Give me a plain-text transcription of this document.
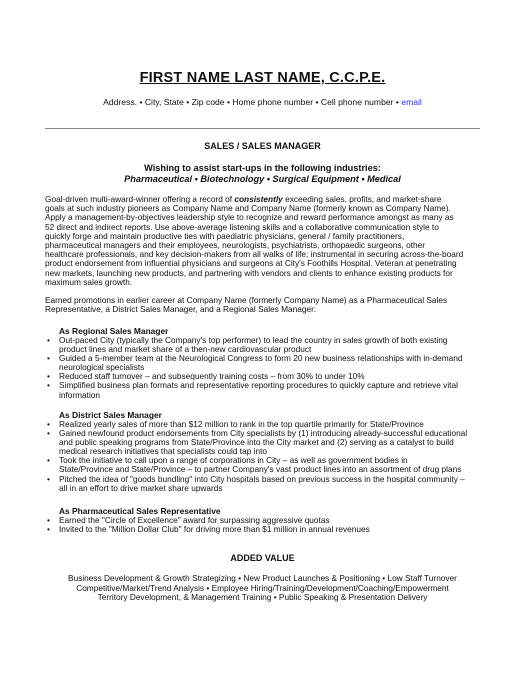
FIRST NAME LAST NAME, C.C.P.E.
Address. • City, State • Zip code • Home phone number • Cell phone number • email
SALES / SALES MANAGER
Wishing to assist start-ups in the following industries:
Pharmaceutical • Biotechnology • Surgical Equipment • Medical
Goal-driven multi-award-winner offering a record of consistently exceeding sales, profits, and market-share
goals at such industry pioneers as Company Name and Company Name (formerly known as Company Name).
Apply a management-by-objectives leadership style to recognize and reward performance amongst as many as
52 direct and indirect reports. Use above-average listening skills and a collaborative communication style to
quickly forge and maintain productive ties with paediatric physicians, general / family practitioners,
pharmaceutical managers and their employees, neurologists, psychiatrists, orthopaedic surgeons, other
healthcare professionals, and key decision-makers from all walks of life; instrumental in securing across-the-board
product endorsement from influential physicians and surgeons at City's Foothills Hospital. Veteran at penetrating
new markets, launching new products, and partnering with vendors and clients to enhance existing products for
maximum sales growth.
Earned promotions in earlier career at Company Name (formerly Company Name) as a Pharmaceutical Sales
Representative, a District Sales Manager, and a Regional Sales Manager:
As Regional Sales Manager
• Out-paced City (typically the Company's top performer) to lead the country in sales growth of both existing
product lines and market share of a then-new cardiovascular product
• Guided a 5-member team at the Neurological Congress to form 20 new business relationships with in-demand
neurological specialists
• Reduced staff turnover – and subsequently training costs – from 30% to under 10%
• Simplified business plan formats and representative reporting procedures to quickly capture and retrieve vital
information
As District Sales Manager
• Realized yearly sales of more than $12 million to rank in the top quartile primarily for State/Province
• Gained newfound product endorsements from City specialists by (1) introducing already-successful educational
and public speaking programs from State/Province into the City market and (2) serving as a catalyst to build
medical research initiatives that specialists could tap into
• Took the initiative to call upon a range of corporations in City – as well as government bodies in
State/Province and State/Province – to partner Company's vast product lines into an assortment of drug plans
• Pitched the idea of "goods bundling" into City hospitals based on previous success in the hospital community –
all in an effort to drive market share upwards
As Pharmaceutical Sales Representative
• Earned the "Circle of Excellence" award for surpassing aggressive quotas
• Invited to the "Million Dollar Club" for driving more than $1 million in annual revenues
ADDED VALUE
Business Development & Growth Strategizing • New Product Launches & Positioning • Low Staff Turnover
Competitive/Market/Trend Analysis • Employee Hiring/Training/Development/Coaching/Empowerment
Territory Development, & Management Training • Public Speaking & Presentation Delivery
